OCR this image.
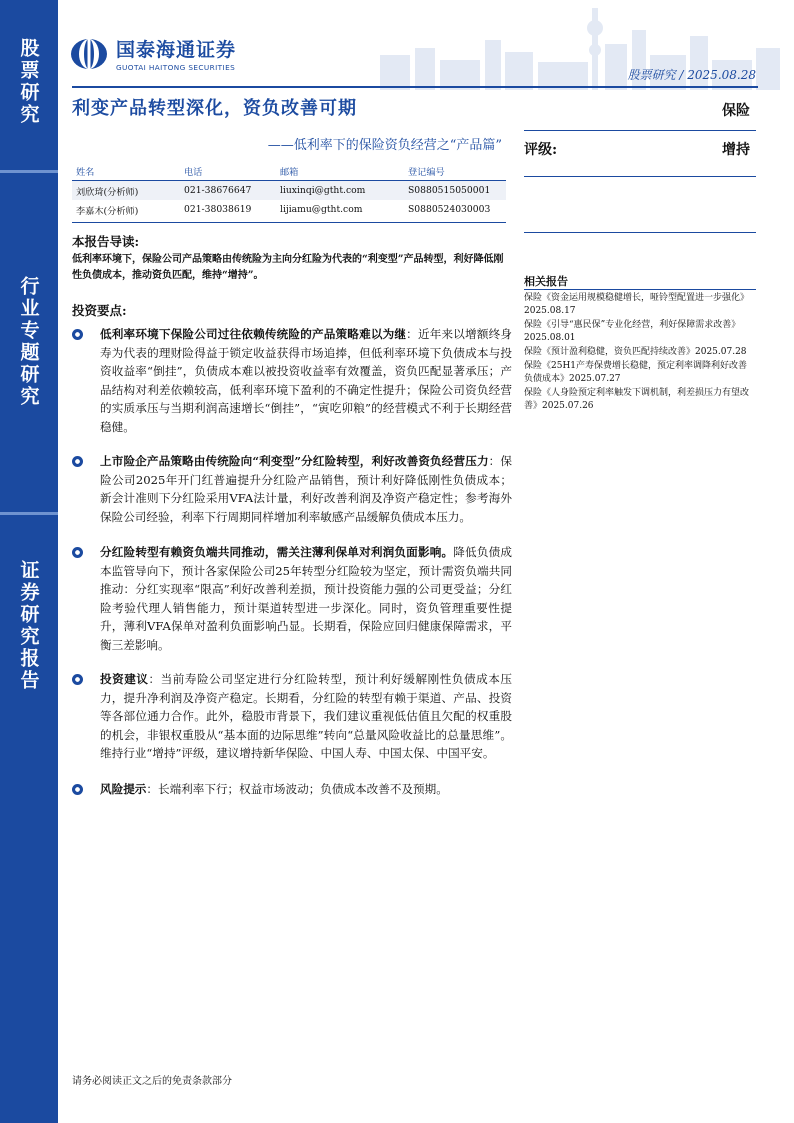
股票研究
行业专题研究
证券研究报告
国泰海通证券
GUOTAI HAITONG SECURITIES
股票研究 / 2025.08.28
利变产品转型深化，资负改善可期
——低利率下的保险资负经营之“产品篇”
保险
评级:	增持
姓名	电话	邮箱	登记编号
刘欣琦(分析师)	021-38676647	liuxinqi@gtht.com	S0880515050001
李嘉木(分析师)	021-38038619	lijiamu@gtht.com	S0880524030003
本报告导读:
低利率环境下，保险公司产品策略由传统险为主向分红险为代表的“利变型”产品转型，利好降低刚性负债成本，推动资负匹配，维持“增持”。
投资要点:
低利率环境下保险公司过往依赖传统险的产品策略难以为继：近年来以增额终身寿为代表的理财险得益于锁定收益获得市场追捧，但低利率环境下负债成本与投资收益率“倒挂”，负债成本难以被投资收益率有效覆盖，资负匹配显著承压；产品结构对利差依赖较高，低利率环境下盈利的不确定性提升；保险公司资负经营的实质承压与当期利润高速增长“倒挂”，“寅吃卯粮”的经营模式不利于长期经营稳健。
上市险企产品策略由传统险向“利变型”分红险转型，利好改善资负经营压力：保险公司2025年开门红普遍提升分红险产品销售，预计利好降低刚性负债成本；新会计准则下分红险采用VFA法计量，利好改善利润及净资产稳定性；参考海外保险公司经验，利率下行周期同样增加利率敏感产品缓解负债成本压力。
分红险转型有赖资负端共同推动，需关注薄利保单对利润负面影响。降低负债成本监管导向下，预计各家保险公司25年转型分红险较为坚定，预计需资负端共同推动：分红实现率“限高”利好改善利差损，预计投资能力强的公司更受益；分红险考验代理人销售能力，预计渠道转型进一步深化。同时，资负管理重要性提升，薄利VFA保单对盈利负面影响凸显。长期看，保险应回归健康保障需求，平衡三差影响。
投资建议：当前寿险公司坚定进行分红险转型，预计利好缓解刚性负债成本压力，提升净利润及净资产稳定。长期看，分红险的转型有赖于渠道、产品、投资等各部位通力合作。此外，稳股市背景下，我们建议重视低估值且欠配的权重股的机会，非银权重股从“基本面的边际思维”转向“总量风险收益比的总量思维”。维持行业“增持”评级，建议增持新华保险、中国人寿、中国太保、中国平安。
风险提示：长端利率下行；权益市场波动；负债成本改善不及预期。
相关报告
保险《资金运用规模稳健增长，哑铃型配置进一步强化》2025.08.17
保险《引导“惠民保”专业化经营，利好保障需求改善》2025.08.01
保险《预计盈利稳健，资负匹配持续改善》2025.07.28
保险《25H1产寿保费增长稳健，预定利率调降利好改善负债成本》2025.07.27
保险《人身险预定利率触发下调机制，利差损压力有望改善》2025.07.26
请务必阅读正文之后的免责条款部分
